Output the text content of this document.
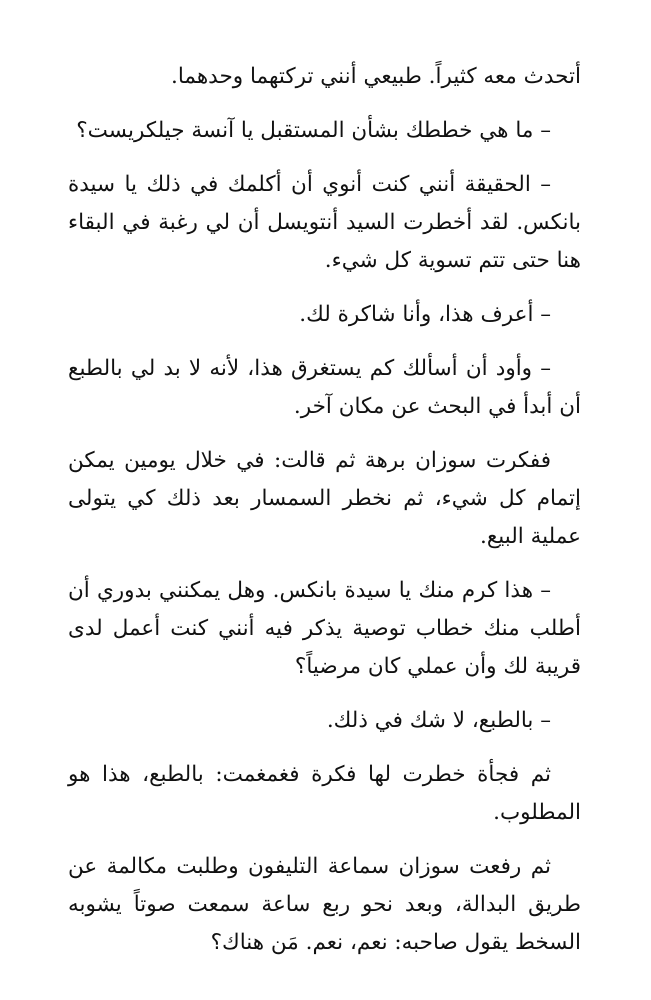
أتحدث معه كثيراً. طبيعي أنني تركتهما وحدهما.

– ما هي خططك بشأن المستقبل يا آنسة جيلكريست؟

– الحقيقة أنني كنت أنوي أن أكلمك في ذلك يا سيدة بانكس. لقد أخطرت السيد أنتويسل أن لي رغبة في البقاء هنا حتى تتم تسوية كل شيء.

– أعرف هذا، وأنا شاكرة لك.

– وأود أن أسألك كم يستغرق هذا، لأنه لا بد لي بالطبع أن أبدأ في البحث عن مكان آخر.

ففكرت سوزان برهة ثم قالت: في خلال يومين يمكن إتمام كل شيء، ثم نخطر السمسار بعد ذلك كي يتولى عملية البيع.

– هذا كرم منك يا سيدة بانكس. وهل يمكنني بدوري أن أطلب منك خطاب توصية يذكر فيه أنني كنت أعمل لدى قريبة لك وأن عملي كان مرضياً؟

– بالطبع، لا شك في ذلك.

ثم فجأة خطرت لها فكرة فغمغمت: بالطبع، هذا هو المطلوب.

ثم رفعت سوزان سماعة التليفون وطلبت مكالمة عن طريق البدالة، وبعد نحو ربع ساعة سمعت صوتاً يشوبه السخط يقول صاحبه: نعم، نعم. مَن هناك؟
